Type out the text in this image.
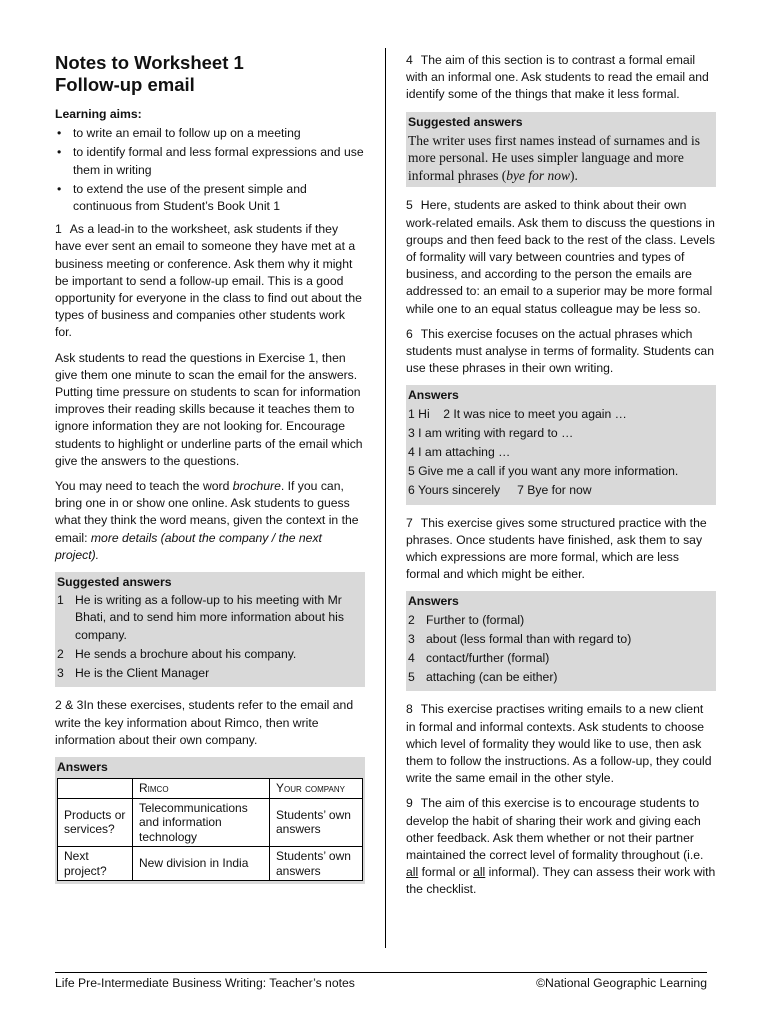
Notes to Worksheet 1
Follow-up email
Learning aims:
• to write an email to follow up on a meeting
• to identify formal and less formal expressions and use them in writing
• to extend the use of the present simple and continuous from Student’s Book Unit 1

1 As a lead-in to the worksheet, ask students if they have ever sent an email to someone they have met at a business meeting or conference. Ask them why it might be important to send a follow-up email. This is a good opportunity for everyone in the class to find out about the types of business and companies other students work for.

Ask students to read the questions in Exercise 1, then give them one minute to scan the email for the answers. Putting time pressure on students to scan for information improves their reading skills because it teaches them to ignore information they are not looking for. Encourage students to highlight or underline parts of the email which give the answers to the questions.

You may need to teach the word brochure. If you can, bring one in or show one online. Ask students to guess what they think the word means, given the context in the email: more details (about the company / the next project).

Suggested answers
1 He is writing as a follow-up to his meeting with Mr Bhati, and to send him more information about his company.
2 He sends a brochure about his company.
3 He is the Client Manager

2 & 3In these exercises, students refer to the email and write the key information about Rimco, then write information about their own company.

Answers
	Rimco	Your company
Products or services?	Telecommunications and information technology	Students’ own answers
Next project?	New division in India	Students’ own answers

4 The aim of this section is to contrast a formal email with an informal one. Ask students to read the email and identify some of the things that make it less formal.

Suggested answers
The writer uses first names instead of surnames and is more personal. He uses simpler language and more informal phrases (bye for now).

5 Here, students are asked to think about their own work-related emails. Ask them to discuss the questions in groups and then feed back to the rest of the class. Levels of formality will vary between countries and types of business, and according to the person the emails are addressed to: an email to a superior may be more formal while one to an equal status colleague may be less so.

6 This exercise focuses on the actual phrases which students must analyse in terms of formality. Students can use these phrases in their own writing.

Answers
1 Hi    2 It was nice to meet you again …
3 I am writing with regard to …
4 I am attaching …
5 Give me a call if you want any more information.
6 Yours sincerely     7 Bye for now

7 This exercise gives some structured practice with the phrases. Once students have finished, ask them to say which expressions are more formal, which are less formal and which might be either.

Answers
2 Further to (formal)
3 about (less formal than with regard to)
4 contact/further (formal)
5 attaching (can be either)

8 This exercise practises writing emails to a new client in formal and informal contexts. Ask students to choose which level of formality they would like to use, then ask them to follow the instructions. As a follow-up, they could write the same email in the other style.

9 The aim of this exercise is to encourage students to develop the habit of sharing their work and giving each other feedback. Ask them whether or not their partner maintained the correct level of formality throughout (i.e. all formal or all informal). They can assess their work with the checklist.

Life Pre-Intermediate Business Writing: Teacher’s notes	©National Geographic Learning
